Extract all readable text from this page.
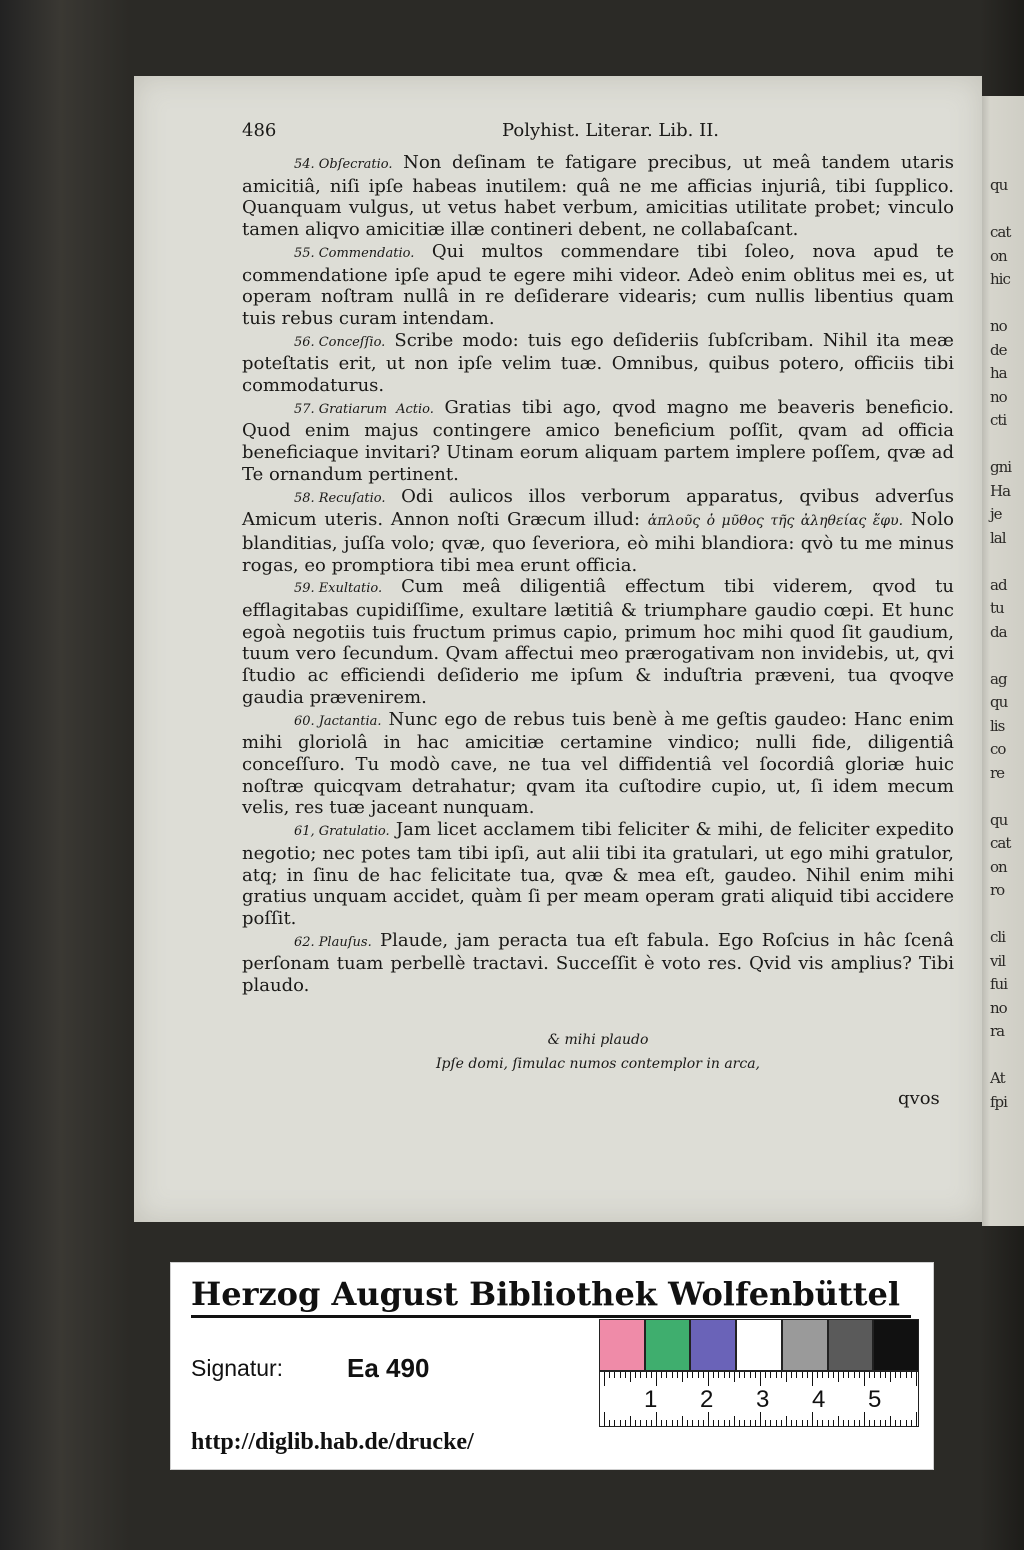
qu
cat
on
hic
no
de
ha
no
cti
gni
Ha
je
lal
ad
tu
da
ag
qu
lis
co
re
qu
cat
on
ro
cli
vil
fui
no
ra
At
fpi
486	Polyhist. Literar. Lib. II.
54. Obſecratio. Non deſinam te fatigare precibus, ut meâ tandem utaris amicitiâ, niſi ipſe habeas inutilem: quâ ne me afficias injuriâ, tibi ſupplico. Quanquam vulgus, ut vetus habet verbum, amicitias utilitate probet; vinculo tamen aliqvo amicitiæ illæ contineri debent, ne collabaſcant.
55. Commendatio. Qui multos commendare tibi ſoleo, nova apud te commendatione ipſe apud te egere mihi videor. Adeò enim oblitus mei es, ut operam noſtram nullâ in re deſiderare videaris; cum nullis libentius quam tuis rebus curam intendam.
56. Conceſſio. Scribe modo: tuis ego deſideriis ſubſcribam. Nihil ita meæ poteſtatis erit, ut non ipſe velim tuæ. Omnibus, quibus potero, officiis tibi commodaturus.
57. Gratiarum Actio. Gratias tibi ago, qvod magno me beaveris beneficio. Quod enim majus contingere amico beneficium poſſit, qvam ad officia beneficiaque invitari? Utinam eorum aliquam partem implere poſſem, qvæ ad Te ornandum pertinent.
58. Recuſatio. Odi aulicos illos verborum apparatus, qvibus adverſus Amicum uteris. Annon noſti Græcum illud: ἁπλοῦς ὁ μῦθος τῆς ἀληθείας ἔφυ. Nolo blanditias, juſſa volo; qvæ, quo ſeveriora, eò mihi blandiora: qvò tu me minus rogas, eo promptiora tibi mea erunt officia.
59. Exultatio. Cum meâ diligentiâ effectum tibi viderem, qvod tu efflagitabas cupidiſſime, exultare lætitiâ & triumphare gaudio cœpi. Et hunc egoà negotiis tuis fructum primus capio, primum hoc mihi quod ſit gaudium, tuum vero ſecundum. Qvam affectui meo prærogativam non invidebis, ut, qvi ſtudio ac efficiendi deſiderio me ipſum & induſtria præveni, tua qvoqve gaudia prævenirem.
60. Jactantia. Nunc ego de rebus tuis benè à me geſtis gaudeo: Hanc enim mihi gloriolâ in hac amicitiæ certamine vindico; nulli fide, diligentiâ conceſſuro. Tu modò cave, ne tua vel diffidentiâ vel ſocordiâ gloriæ huic noſtræ quicqvam detrahatur; qvam ita cuſtodire cupio, ut, ſi idem mecum velis, res tuæ jaceant nunquam.
61, Gratulatio. Jam licet acclamem tibi feliciter & mihi, de feliciter expedito negotio; nec potes tam tibi ipſi, aut alii tibi ita gratulari, ut ego mihi gratulor, atq; in ſinu de hac felicitate tua, qvæ & mea eſt, gaudeo. Nihil enim mihi gratius unquam accidet, quàm ſi per meam operam grati aliquid tibi accidere poſſit.
62. Plauſus. Plaude, jam peracta tua eſt fabula. Ego Roſcius in hâc ſcenâ perſonam tuam perbellè tractavi. Succeſſit è voto res. Qvid vis amplius? Tibi plaudo.
& mihi plaudo
Ipſe domi, ſimulac numos contemplor in arca,
qvos
Herzog August Bibliothek Wolfenbüttel
Signatur: Ea 490
1 2 3 4 5
http://diglib.hab.de/drucke/
